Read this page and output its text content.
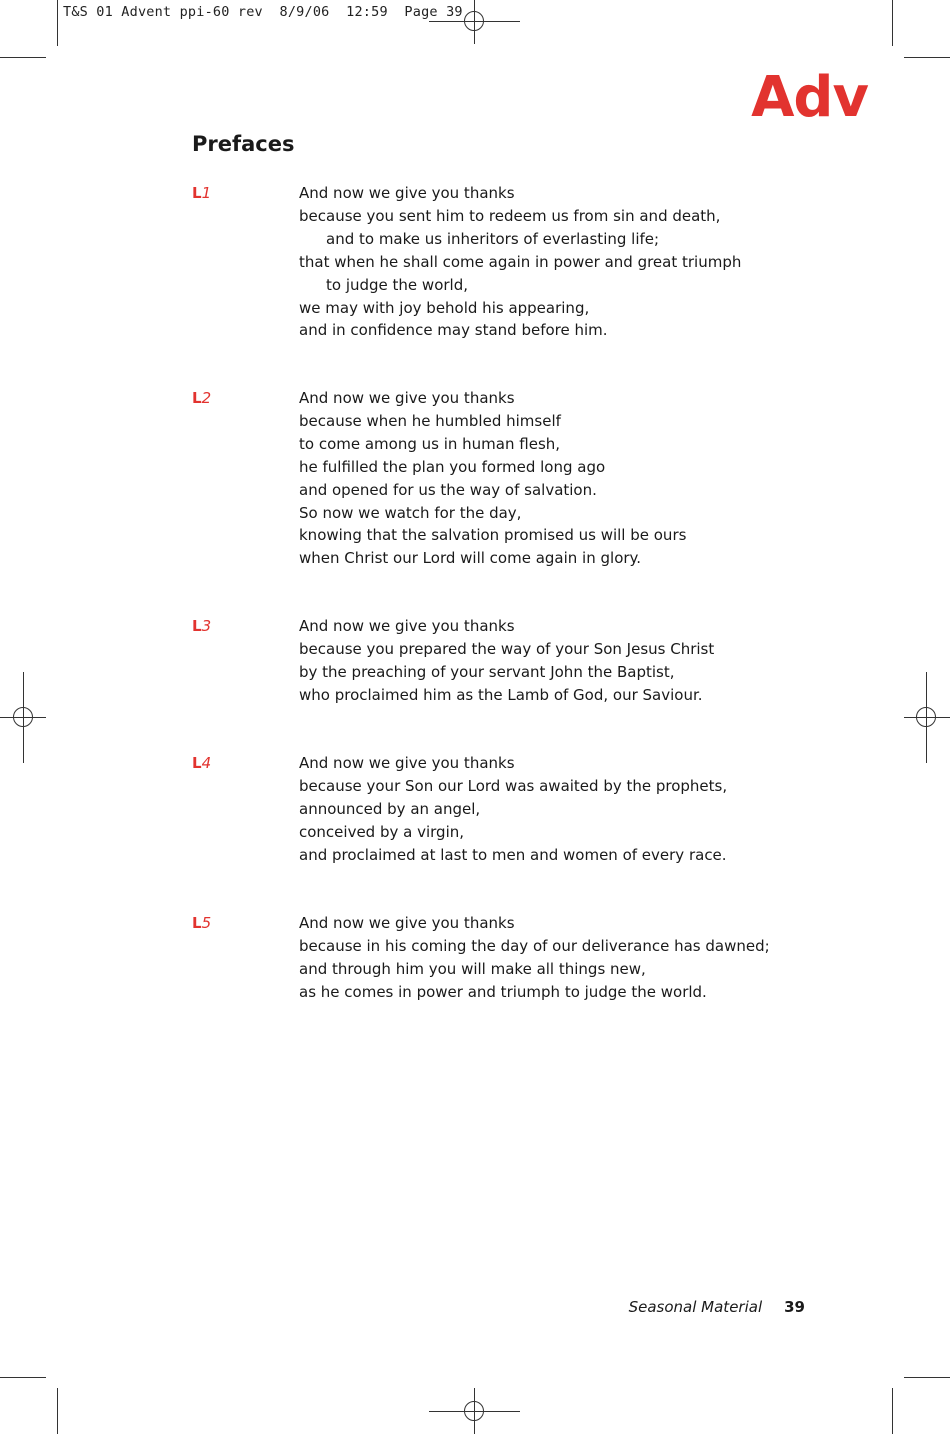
T&S 01 Advent ppi-60 rev  8/9/06  12:59  Page 39
Adv
Prefaces
L1	And now we give you thanks
because you sent him to redeem us from sin and death,
and to make us inheritors of everlasting life;
that when he shall come again in power and great triumph
to judge the world,
we may with joy behold his appearing,
and in confidence may stand before him.
L2	And now we give you thanks
because when he humbled himself
to come among us in human flesh,
he fulfilled the plan you formed long ago
and opened for us the way of salvation.
So now we watch for the day,
knowing that the salvation promised us will be ours
when Christ our Lord will come again in glory.
L3	And now we give you thanks
because you prepared the way of your Son Jesus Christ
by the preaching of your servant John the Baptist,
who proclaimed him as the Lamb of God, our Saviour.
L4	And now we give you thanks
because your Son our Lord was awaited by the prophets,
announced by an angel,
conceived by a virgin,
and proclaimed at last to men and women of every race.
L5	And now we give you thanks
because in his coming the day of our deliverance has dawned;
and through him you will make all things new,
as he comes in power and triumph to judge the world.
Seasonal Material 39
